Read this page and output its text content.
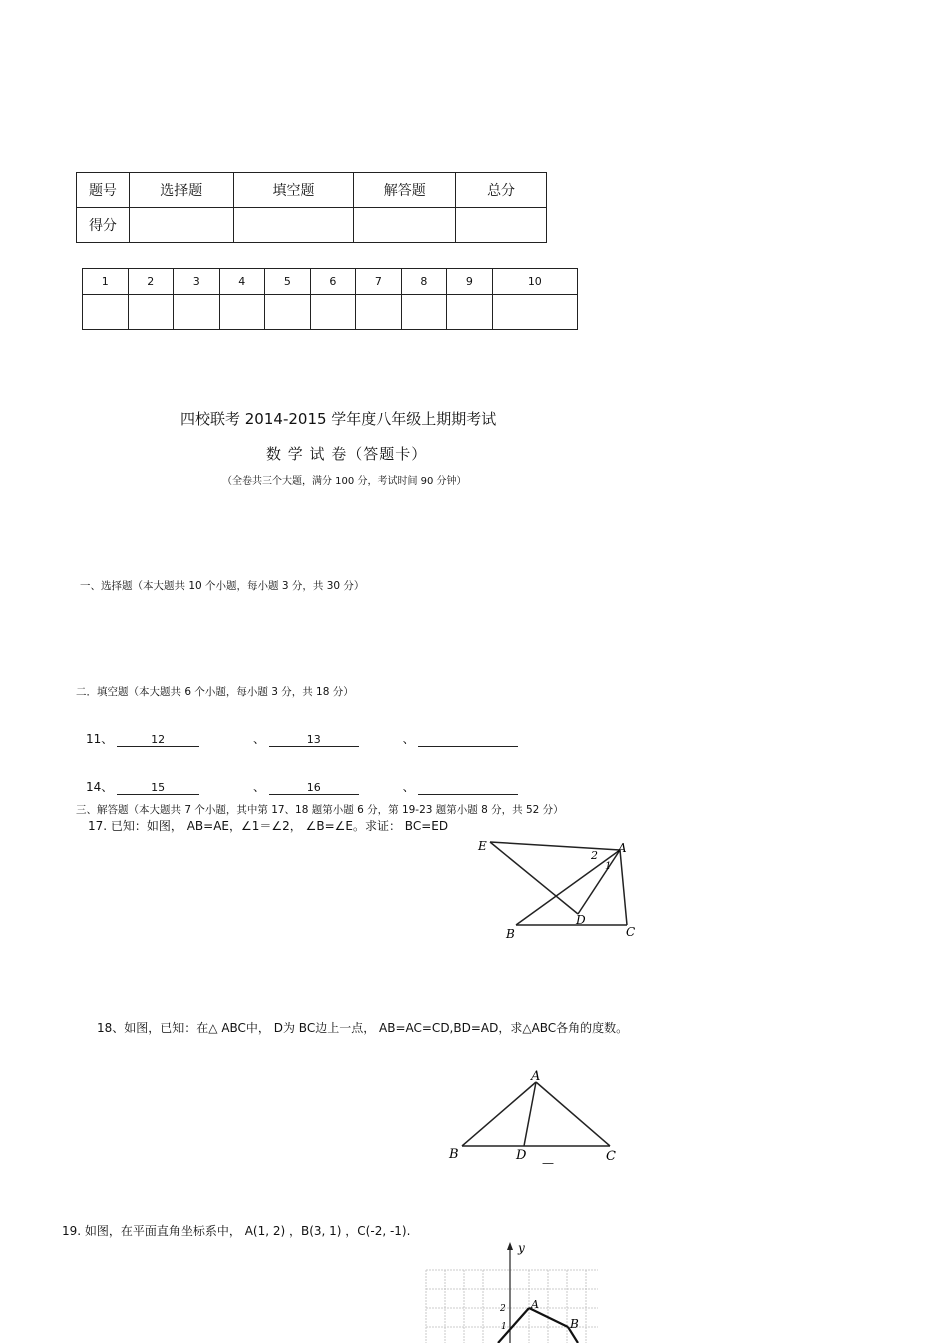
题号	选择题	填空题	解答题	总分
得分				
1	2	3	4	5	6	7	8	9	10

四校联考 2014-2015 学年度八年级上期期考试
数 学 试 卷（答题卡）
（全卷共三个大题，满分 100 分，考试时间 90 分钟）
一、选择题（本大题共 10 个小题，每小题 3 分，共 30 分）
二．填空题（本大题共 6 个小题，每小题 3 分，共 18 分）
11、	12	、	13	、
14、	15	、	16	、
三、解答题（本大题共 7 个小题，其中第 17、18 题第小题 6 分，第 19-23 题第小题 8 分，共 52 分）
17. 已知：如图， AB=AE，∠1＝∠2， ∠B=∠E。求证： BC=ED
E	A
2
1
D
B	C
18、如图，已知：在△ ABC中， D为 BC边上一点， AB=AC=CD,BD=AD，求△ABC各角的度数。
A
B	D	C
—
19. 如图，在平面直角坐标系中， A(1, 2) ，B(3, 1) ，C(-2, -1).
y
2
1
A
B
